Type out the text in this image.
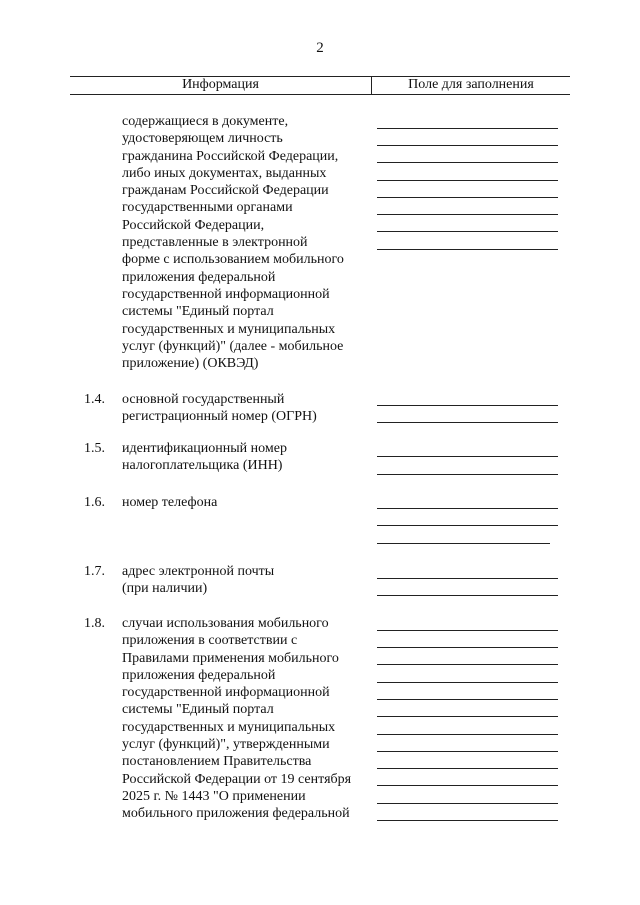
2
Информация	Поле для заполнения
содержащиеся в документе,
удостоверяющем личность
гражданина Российской Федерации,
либо иных документах, выданных
гражданам Российской Федерации
государственными органами
Российской Федерации,
представленные в электронной
форме с использованием мобильного
приложения федеральной
государственной информационной
системы "Единый портал
государственных и муниципальных
услуг (функций)" (далее - мобильное
приложение) (ОКВЭД)
1.4. основной государственный
регистрационный номер (ОГРН)
1.5. идентификационный номер
налогоплательщика (ИНН)
1.6. номер телефона
1.7. адрес электронной почты
(при наличии)
1.8. случаи использования мобильного
приложения в соответствии с
Правилами применения мобильного
приложения федеральной
государственной информационной
системы "Единый портал
государственных и муниципальных
услуг (функций)", утвержденными
постановлением Правительства
Российской Федерации от 19 сентября
2025 г. № 1443 "О применении
мобильного приложения федеральной
